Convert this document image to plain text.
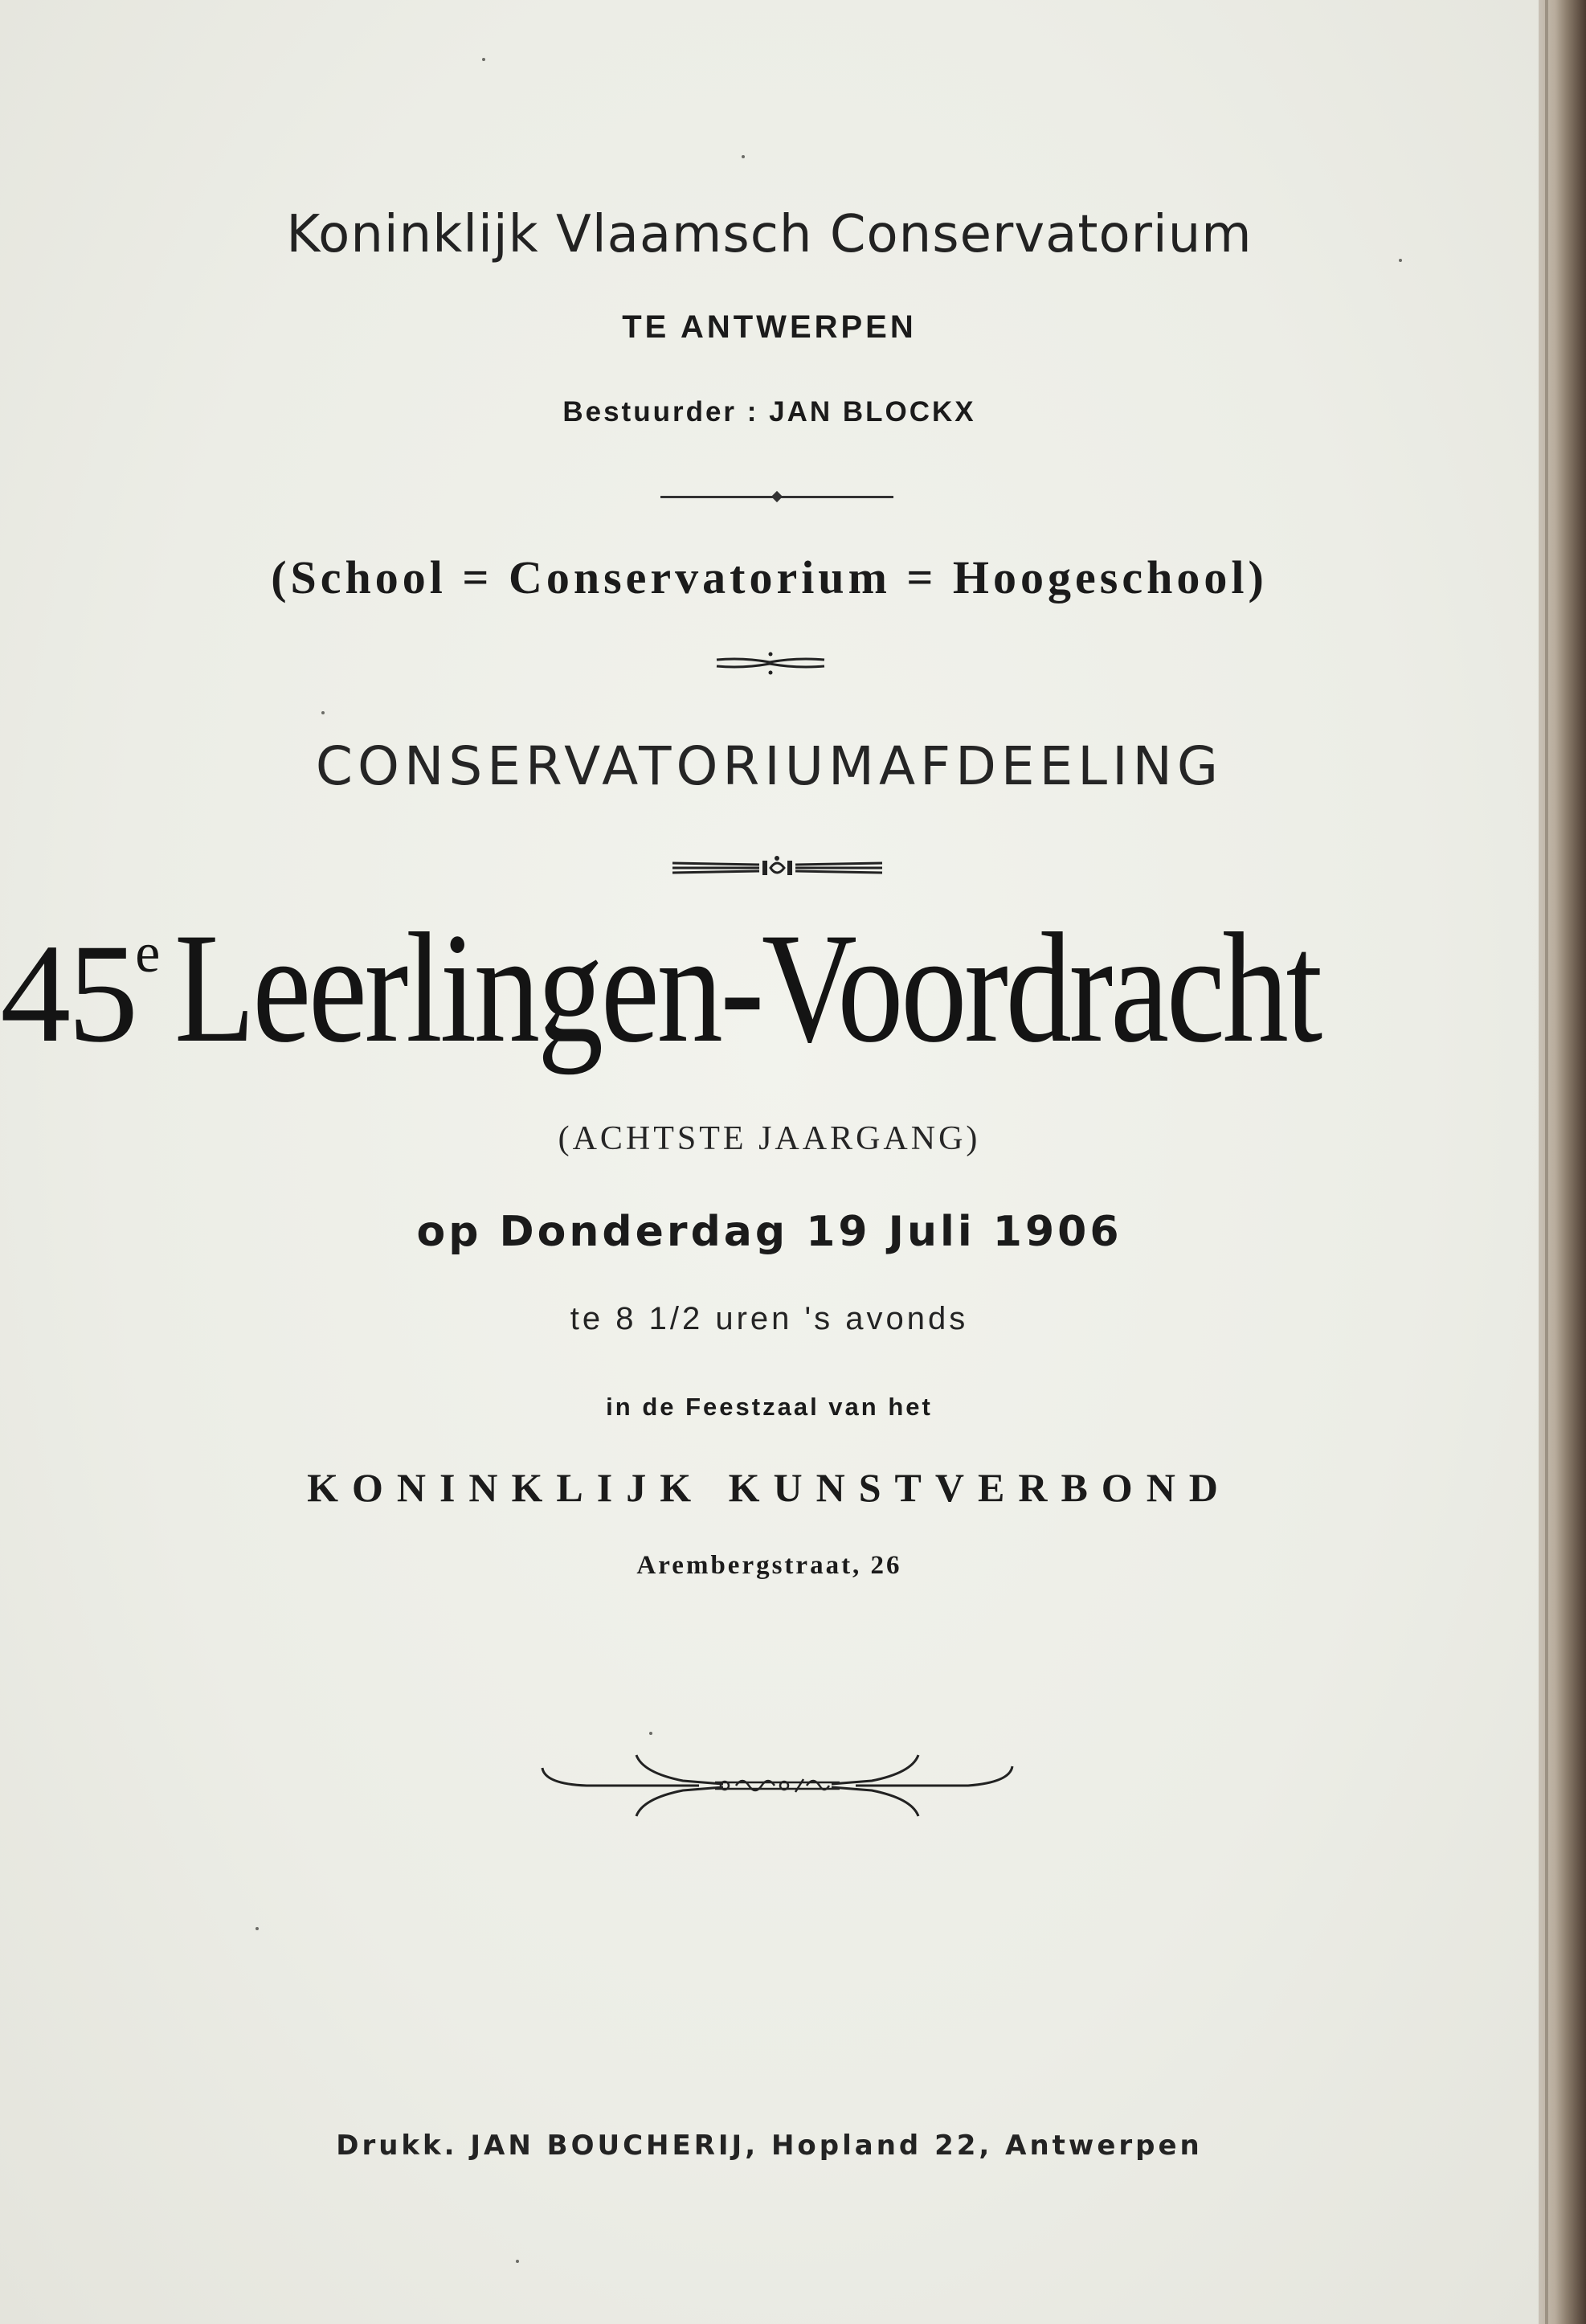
Koninklijk Vlaamsch Conservatorium
TE ANTWERPEN
Bestuurder : JAN BLOCKX
(School = Conservatorium = Hoogeschool)
CONSERVATORIUMAFDEELING
45eLeerlingen-Voordracht
(ACHTSTE JAARGANG)
op Donderdag 19 Juli 1906
te 8 1/2 uren 's avonds
in de Feestzaal van het
KONINKLIJK KUNSTVERBOND
Arembergstraat, 26
Drukk. JAN BOUCHERIJ, Hopland 22, Antwerpen
